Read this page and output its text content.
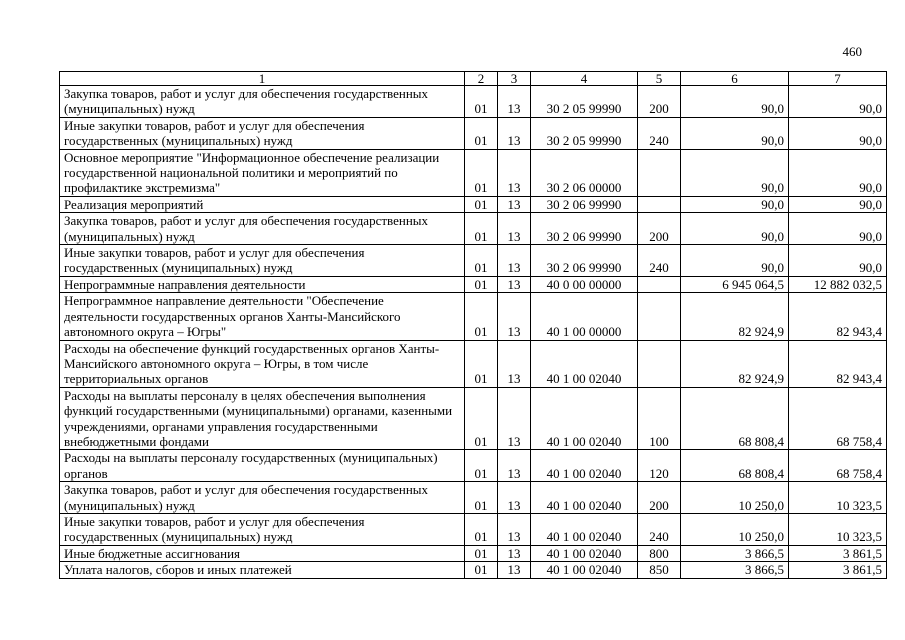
460
1	2	3	4	5	6	7
Закупка товаров, работ и услуг для обеспечения государственных (муниципальных) нужд	01	13	30 2 05 99990	200	90,0	90,0
Иные закупки товаров, работ и услуг для обеспечения государственных (муниципальных) нужд	01	13	30 2 05 99990	240	90,0	90,0
Основное мероприятие "Информационное обеспечение реализации государственной национальной политики и мероприятий по профилактике экстремизма"	01	13	30 2 06 00000		90,0	90,0
Реализация мероприятий	01	13	30 2 06 99990		90,0	90,0
Закупка товаров, работ и услуг для обеспечения государственных (муниципальных) нужд	01	13	30 2 06 99990	200	90,0	90,0
Иные закупки товаров, работ и услуг для обеспечения государственных (муниципальных) нужд	01	13	30 2 06 99990	240	90,0	90,0
Непрограммные направления деятельности	01	13	40 0 00 00000		6 945 064,5	12 882 032,5
Непрограммное направление деятельности "Обеспечение деятельности государственных органов Ханты-Мансийского автономного округа – Югры"	01	13	40 1 00 00000		82 924,9	82 943,4
Расходы на обеспечение функций государственных органов Ханты-Мансийского автономного округа – Югры, в том числе территориальных органов	01	13	40 1 00 02040		82 924,9	82 943,4
Расходы на выплаты персоналу в целях обеспечения выполнения функций государственными (муниципальными) органами, казенными учреждениями, органами управления государственными внебюджетными фондами	01	13	40 1 00 02040	100	68 808,4	68 758,4
Расходы на выплаты персоналу государственных (муниципальных) органов	01	13	40 1 00 02040	120	68 808,4	68 758,4
Закупка товаров, работ и услуг для обеспечения государственных (муниципальных) нужд	01	13	40 1 00 02040	200	10 250,0	10 323,5
Иные закупки товаров, работ и услуг для обеспечения государственных (муниципальных) нужд	01	13	40 1 00 02040	240	10 250,0	10 323,5
Иные бюджетные ассигнования	01	13	40 1 00 02040	800	3 866,5	3 861,5
Уплата налогов, сборов и иных платежей	01	13	40 1 00 02040	850	3 866,5	3 861,5
